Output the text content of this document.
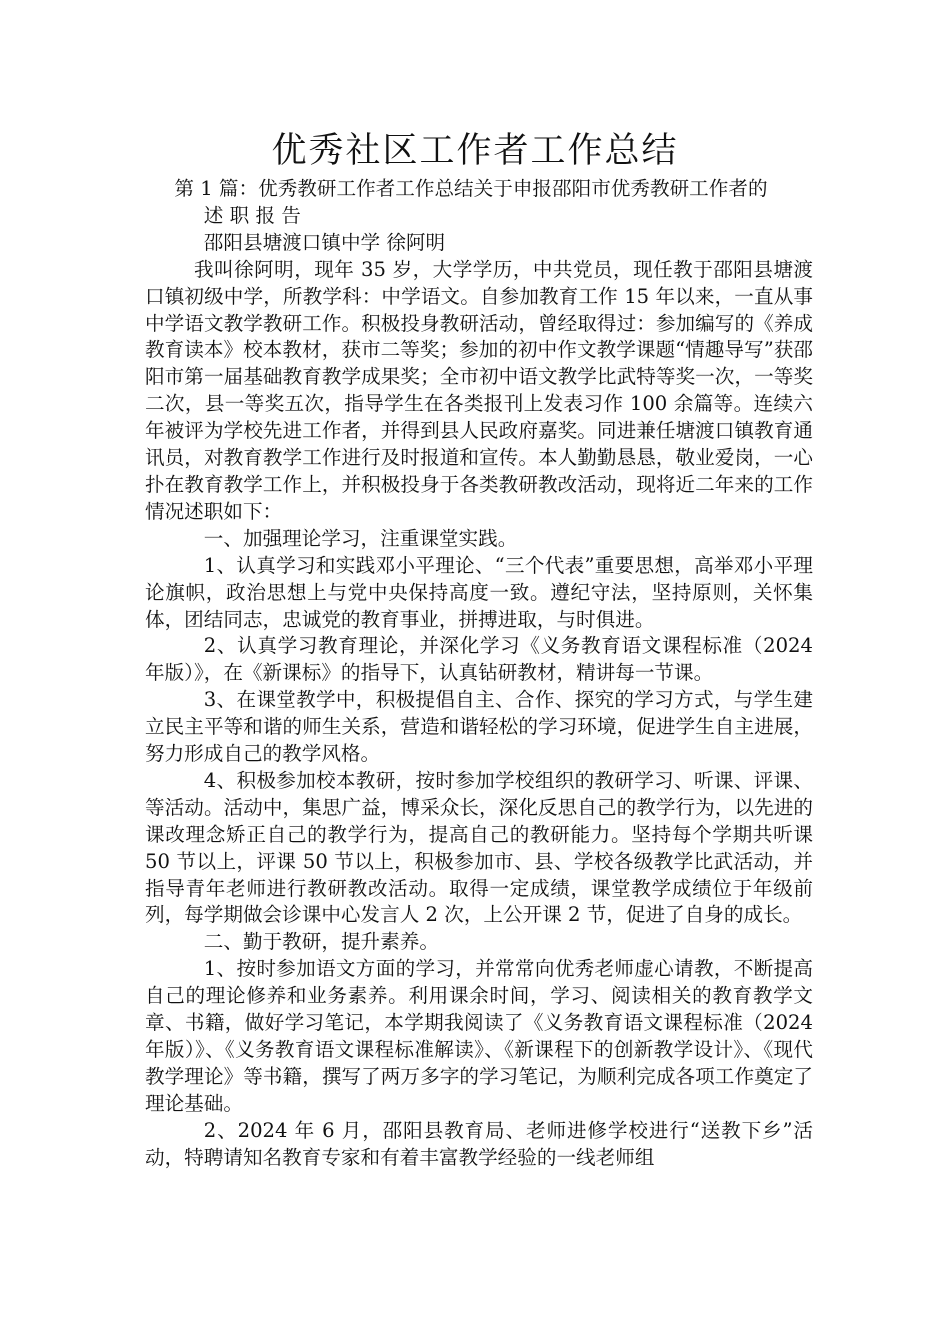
优秀社区工作者工作总结

第 1 篇：优秀教研工作者工作总结关于申报邵阳市优秀教研工作者的

述 职 报 告

邵阳县塘渡口镇中学 徐阿明

我叫徐阿明，现年 35 岁，大学学历，中共党员，现任教于邵阳县塘渡口镇初级中学，所教学科：中学语文。自参加教育工作 15 年以来，一直从事中学语文教学教研工作。积极投身教研活动，曾经取得过：参加编写的《养成教育读本》校本教材，获市二等奖；参加的初中作文教学课题“情趣导写”获邵阳市第一届基础教育教学成果奖；全市初中语文教学比武特等奖一次，一等奖二次，县一等奖五次，指导学生在各类报刊上发表习作 100 余篇等。连续六年被评为学校先进工作者，并得到县人民政府嘉奖。同进兼任塘渡口镇教育通讯员，对教育教学工作进行及时报道和宣传。本人勤勤恳恳，敬业爱岗，一心扑在教育教学工作上，并积极投身于各类教研教改活动，现将近二年来的工作情况述职如下：

一、加强理论学习，注重课堂实践。

1、认真学习和实践邓小平理论、“三个代表”重要思想，高举邓小平理论旗帜，政治思想上与党中央保持高度一致。遵纪守法，坚持原则，关怀集体，团结同志，忠诚党的教育事业，拼搏进取，与时俱进。

2、认真学习教育理论，并深化学习《义务教育语文课程标准（2024 年版）》，在《新课标》的指导下，认真钻研教材，精讲每一节课。

3、在课堂教学中，积极提倡自主、合作、探究的学习方式，与学生建立民主平等和谐的师生关系，营造和谐轻松的学习环境，促进学生自主进展，努力形成自己的教学风格。

4、积极参加校本教研，按时参加学校组织的教研学习、听课、评课、等活动。活动中，集思广益，博采众长，深化反思自己的教学行为，以先进的课改理念矫正自己的教学行为，提高自己的教研能力。坚持每个学期共听课 50 节以上，评课 50 节以上，积极参加市、县、学校各级教学比武活动，并指导青年老师进行教研教改活动。取得一定成绩，课堂教学成绩位于年级前列，每学期做会诊课中心发言人 2 次，上公开课 2 节，促进了自身的成长。

二、勤于教研，提升素养。

1、按时参加语文方面的学习，并常常向优秀老师虚心请教，不断提高自己的理论修养和业务素养。利用课余时间，学习、阅读相关的教育教学文章、书籍，做好学习笔记，本学期我阅读了《义务教育语文课程标准（2024 年版）》、《义务教育语文课程标准解读》、《新课程下的创新教学设计》、《现代教学理论》等书籍，撰写了两万多字的学习笔记，为顺利完成各项工作奠定了理论基础。

2、2024 年 6 月，邵阳县教育局、老师进修学校进行“送教下乡”活动，特聘请知名教育专家和有着丰富教学经验的一线老师组
